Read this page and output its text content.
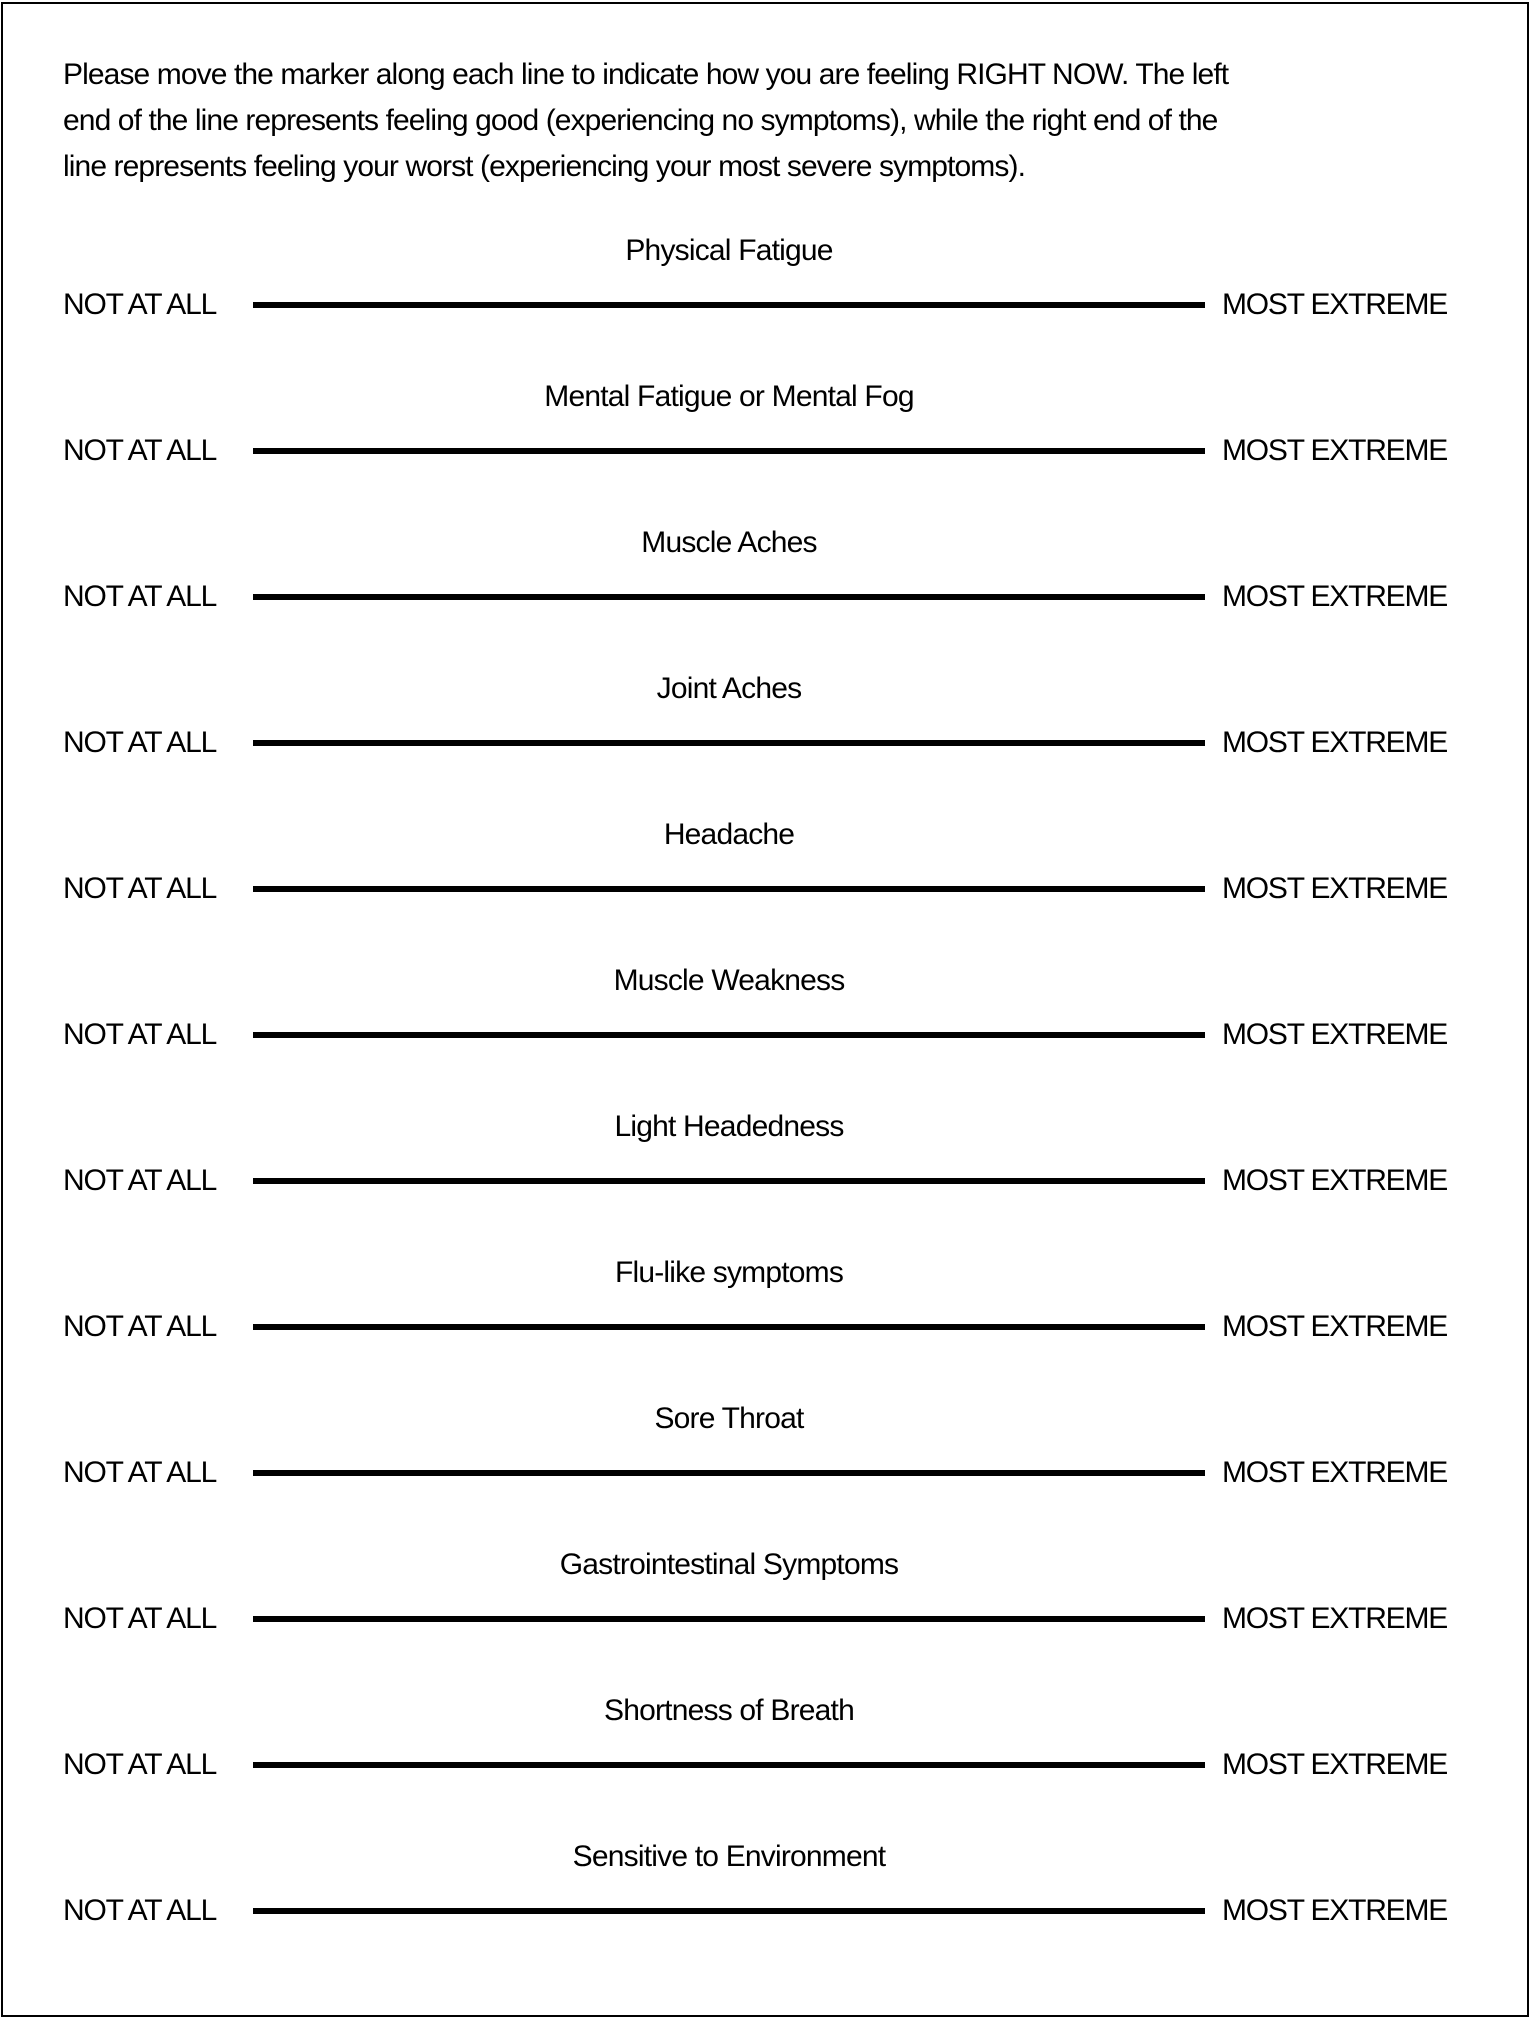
Please move the marker along each line to indicate how you are feeling RIGHT NOW. The left
end of the line represents feeling good (experiencing no symptoms), while the right end of the
line represents feeling your worst (experiencing your most severe symptoms).

Physical Fatigue
NOT AT ALL	MOST EXTREME
Mental Fatigue or Mental Fog
NOT AT ALL	MOST EXTREME
Muscle Aches
NOT AT ALL	MOST EXTREME
Joint Aches
NOT AT ALL	MOST EXTREME
Headache
NOT AT ALL	MOST EXTREME
Muscle Weakness
NOT AT ALL	MOST EXTREME
Light Headedness
NOT AT ALL	MOST EXTREME
Flu-like symptoms
NOT AT ALL	MOST EXTREME
Sore Throat
NOT AT ALL	MOST EXTREME
Gastrointestinal Symptoms
NOT AT ALL	MOST EXTREME
Shortness of Breath
NOT AT ALL	MOST EXTREME
Sensitive to Environment
NOT AT ALL	MOST EXTREME
